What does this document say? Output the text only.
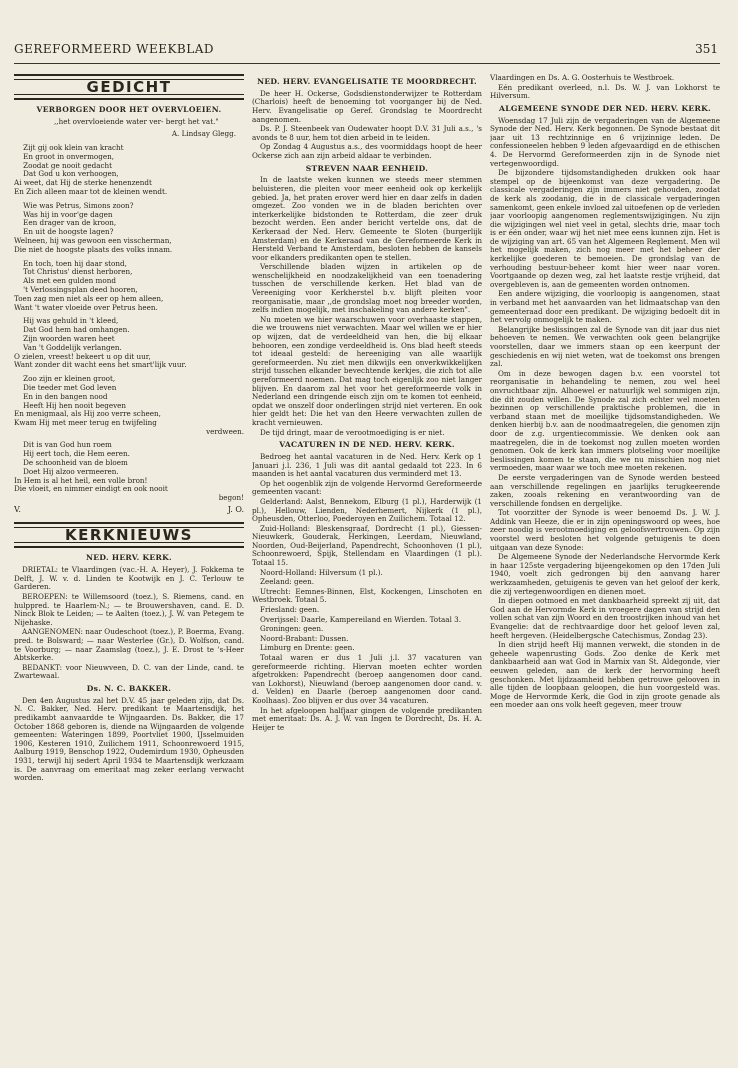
GEREFORMEERD WEEKBLAD	351
GEDICHT
VERBORGEN DOOR HET OVERVLOEIEN.
,,het overvloeiende water ver- bergt het vat."
A. Lindsay Glegg.
Zijt gij ook klein van kracht
En groot in onvermogen,
Zoodat ge nooit gedacht
Dat God u kon verhoogen,
Ai weet, dat Hij de sterke henenzendt
En Zich alleen maar tot de kleinen wendt.
Wie was Petrus, Simons zoon?
Was hij in voor'ge dagen
Een drager van de kroon,
En uit de hoogste lagen?
Welneen, hij was gewoon een visscherman,
Die niet de hoogste plaats des volks innam.
En toch, toen hij daar stond,
Tot Christus' dienst herboren,
Als met een gulden mond
't Verlossingsplan deed hooren,
Toen zag men niet als eer op hem alleen,
Want 't water vloeide over Petrus heen.
Hij was gehuld in 't kleed,
Dat God hem had omhangen.
Zijn woorden waren heet
Van 't Goddelijk verlangen.
O zielen, vreest! bekeert u op dit uur,
Want zonder dit wacht eens het smart'lijk vuur.
Zoo zijn er kleinen groot,
Die teeder met God leven
En in den bangen nood
Heeft Hij hen nooit begeven
En menigmaal, als Hij zoo verre scheen,
Kwam Hij met meer terug en twijfeling
verdween.
Dit is van God hun roem
Hij eert toch, die Hem eeren.
De schoonheid van de bloem
Doet Hij alzoo vermeeren.
In Hem is al het heil, een volle bron!
Die vloeit, en nimmer eindigt en ook nooit
begon!
V.	J. O.
KERKNIEUWS
NED. HERV. KERK.

DRIETAL: te Vlaardingen (vac.-H. A. Heyer), J. Fokkema te Delft, J. W. v. d. Linden te Kootwijk en J. C. Terlouw te Garderen.

BEROEPEN: te Willemsoord (toez.), S. Riemens, cand. en hulppred. te Haarlem-N.; — te Brouwershaven, cand. E. D. Ninck Blok te Leiden; — te Aalten (toez.), J. W. van Petegem te Nijehaske.

AANGENOMEN: naar Oudeschoot (toez.), P. Boerma, Evang. pred. te Bolsward; — naar Westerlee (Gr.), D. Wolfson, cand. te Voorburg; — naar Zaamslag (toez.), J. E. Drost te 's-Heer Abtskerke.

BEDANKT: voor Nieuwveen, D. C. van der Linde, cand. te Zwartewaal.

Ds. N. C. BAKKER.

Den 4en Augustus zal het D.V. 45 jaar geleden zijn, dat Ds. N. C. Bakker, Ned. Herv. predikant te Maartensdijk, het predikambt aanvaardde te Wijngaarden. Ds. Bakker, die 17 October 1868 geboren is, diende na Wijngaarden de volgende gemeenten: Wateringen 1899, Poortvliet 1900, IJsselmuiden 1906, Kesteren 1910, Zuilichem 1911, Schoonrewoerd 1915, Aalburg 1919, Benschop 1922, Oudemirdum 1930, Opheusden 1931, terwijl hij sedert April 1934 te Maartensdijk werkzaam is. De aanvraag om emeritaat mag zeker eerlang verwacht worden.

NED. HERV. EVANGELISATIE TE MOORDRECHT.

De heer H. Ockerse, Godsdienstonderwijzer te Rotterdam (Charlois) heeft de benoeming tot voorganger bij de Ned. Herv. Evangelisatie op Geref. Grondslag te Moordrecht aangenomen.

Ds. P. J. Steenbeek van Oudewater hoopt D.V. 31 Juli a.s., 's avonds te 8 uur, hem tot dien arbeid in te leiden.

Op Zondag 4 Augustus a.s., des voormiddags hoopt de heer Ockerse zich aan zijn arbeid aldaar te verbinden.

STREVEN NAAR EENHEID.

In de laatste weken kunnen we steeds meer stemmen beluisteren, die pleiten voor meer eenheid ook op kerkelijk gebied. Ja, het praten erover werd hier en daar zelfs in daden omgezet. Zoo vonden we in de bladen berichten over interkerkelijke bidstonden te Rotterdam, die zeer druk bezocht werden. Een ander bericht vertelde ons, dat de Kerkeraad der Ned. Herv. Gemeente te Sloten (burgerlijk Amsterdam) en de Kerkeraad van de Gereformeerde Kerk in Hersteld Verband te Amsterdam, besloten hebben de kansels voor elkanders predikanten open te stellen.

Verschillende bladen wijzen in artikelen op de wenschelijkheid en noodzakelijkheid van een toenadering tusschen de verschillende kerken. Het blad van de Vereeniging voor Kerkherstel b.v. blijft pleiten voor reorganisatie, maar ,,de grondslag moet nog breeder worden, zelfs indien mogelijk, met inschakeling van andere kerken".

Nu moeten we hier waarschuwen voor overhaaste stappen, die we trouwens niet verwachten. Maar wel willen we er hier op wijzen, dat de verdeeldheid van hen, die bij elkaar behooren, een zondige verdeeldheid is. Ons blad heeft steeds tot ideaal gesteld: de hereeniging van alle waarlijk gereformeerden. Nu ziet men dikwijls een onverkwikkelijken strijd tusschen elkander bevechtende kerkjes, die zich tot alle gereformeerd noemen. Dat mag toch eigenlijk zoo niet langer blijven. En daarom zal het voor het gereformeerde volk in Nederland een dringende eisch zijn om te komen tot eenheid, opdat we onszelf door onderlingen strijd niet verteren. En ook hier geldt het: Die het van den Heere verwachten zullen de kracht vernieuwen.

De tijd dringt, maar de verootmoediging is er niet.

VACATUREN IN DE NED. HERV. KERK.

Bedroeg het aantal vacaturen in de Ned. Herv. Kerk op 1 Januari j.l. 236, 1 Juli was dit aantal gedaald tot 223. In 6 maanden is het aantal vacaturen dus verminderd met 13.

Op het oogenblik zijn de volgende Hervormd Gereformeerde gemeenten vacant:

Gelderland: Aalst, Bennekom, Elburg (1 pl.), Harderwijk (1 pl.), Hellouw, Lienden, Nederhemert, Nijkerk (1 pl.), Opheusden, Otterloo, Poederoyen en Zuilichem. Totaal 12.

Zuid-Holland: Bleskensgraaf, Dordrecht (1 pl.), Giessen-Nieuwkerk, Gouderak, Herkingen, Leerdam, Nieuwland, Noorden, Oud-Beijerland, Papendrecht, Schoonhoven (1 pl.), Schoonrewoerd, Spijk, Stellendam en Vlaardingen (1 pl.). Totaal 15.

Noord-Holland: Hilversum (1 pl.).

Zeeland: geen.

Utrecht: Eemnes-Binnen, Elst, Kockengen, Linschoten en Westbroek. Totaal 5.

Friesland: geen.

Overijssel: Daarle, Kampereiland en Wierden. Totaal 3.

Groningen: geen.

Noord-Brabant: Dussen.

Limburg en Drente: geen.

Totaal waren er dus 1 Juli j.l. 37 vacaturen van gereformeerde richting. Hiervan moeten echter worden afgetrokken: Papendrecht (beroep aangenomen door cand. van Lokhorst), Nieuwland (beroep aangenomen door cand. v. d. Velden) en Daarle (beroep aangenomen door cand. Koolhaas). Zoo blijven er dus over 34 vacaturen.

In het afgeloopen halfjaar gingen de volgende predikanten met emeritaat: Ds. A. J. W. van Ingen te Dordrecht, Ds. H. A. Heijer te

Vlaardingen en Ds. A. G. Oosterhuis te Westbroek.

Eén predikant overleed, n.l. Ds. W. J. van Lokhorst te Hilversum.

ALGEMEENE SYNODE DER NED. HERV. KERK.

Woensdag 17 Juli zijn de vergaderingen van de Algemeene Synode der Ned. Herv. Kerk begonnen. De Synode bestaat dit jaar uit 13 rechtzinnige en 6 vrijzinnige leden. De confessioneelen hebben 9 leden afgevaardigd en de ethischen 4. De Hervormd Gereformeerden zijn in de Synode niet vertegenwoordigd.

De bijzondere tijdsomstandigheden drukken ook haar stempel op de bijeenkomst van deze vergadering. De classicale vergaderingen zijn immers niet gehouden, zoodat de kerk als zoodanig, die in de classicale vergaderingen samenkomt, geen enkele invloed zal uitoefenen op de verleden jaar voorloopig aangenomen reglementswijzigingen. Nu zijn die wijzigingen wel niet veel in getal, slechts drie, maar toch is er één onder, waar wij het niet mee eens kunnen zijn. Het is de wijziging van art. 65 van het Algemeen Reglement. Men wil het mogelijk maken, zich nog meer met het beheer der kerkelijke goederen te bemoeien. De grondslag van de verhouding bestuur-beheer komt hier weer naar voren. Voortgaande op dezen weg, zal het laatste restje vrijheid, dat overgebleven is, aan de gemeenten worden ontnomen.

Een andere wijziging, die voorloopig is aangenomen, staat in verband met het aanvaarden van het lidmaatschap van den gemeenteraad door een predikant. De wijziging bedoelt dit in het vervolg onmogelijk te maken.

Belangrijke beslissingen zal de Synode van dit jaar dus niet behoeven te nemen. We verwachten ook geen belangrijke voorstellen, daar we immers staan op een keerpunt der geschiedenis en wij niet weten, wat de toekomst ons brengen zal.

Om in deze bewogen dagen b.v. een voorstel tot reorganisatie in behandeling te nemen, zou wel heel onvruchtbaar zijn. Alhoewel er natuurlijk wel sommigen zijn, die dit zouden willen. De Synode zal zich echter wel moeten bezinnen op verschillende praktische problemen, die in verband staan met de moeilijke tijdsomstandigheden. We denken hierbij b.v. aan de noodmaatregelen, die genomen zijn door de z.g. urgentiecommissie. We denken ook aan maatregelen, die in de toekomst nog zullen moeten worden genomen. Ook de kerk kan immers plotseling voor moeilijke beslissingen komen te staan, die we nu misschien nog niet vermoeden, maar waar we toch mee moeten rekenen.

De eerste vergaderingen van de Synode werden besteed aan verschillende regelingen en jaarlijks terugkeerende zaken, zooals rekening en verantwoording van de verschillende fondsen en dergelijke.

Tot voorzitter der Synode is weer benoemd Ds. J. W. J. Addink van Heeze, die er in zijn openingswoord op wees, hoe zeer noodig is verootmoediging en geloofsvertrouwen. Op zijn voorstel werd besloten het volgende getuigenis te doen uitgaan van deze Synode:

De Algemeene Synode der Nederlandsche Hervormde Kerk in haar 125ste vergadering bijeengekomen op den 17den Juli 1940, voelt zich gedrongen bij den aanvang harer werkzaamheden, getuigenis te geven van het geloof der kerk, die zij vertegenwoordigen en dienen moet.

In diepen ootmoed en met dankbaarheid spreekt zij uit, dat God aan de Hervormde Kerk in vroegere dagen van strijd den vollen schat van zijn Woord en den troostrijken inhoud van het Evangelie: dat de rechtvaardige door het geloof leven zal, heeft hergeven. (Heidelbergsche Catechismus, Zondag 23).

In dien strijd heeft Hij mannen verwekt, die stonden in de geheele wapenrusting Gods. Zoo denke de Kerk met dankbaarheid aan wat God in Marnix van St. Aldegonde, vier eeuwen geleden, aan de kerk der hervorming heeft geschonken. Met lijdzaamheid hebben getrouwe gelooven in alle tijden de loopbaan geloopen, die hun voorgesteld was. Moge de Hervormde Kerk, die God in zijn groote genade als een moeder aan ons volk heeft gegeven, meer trouw
